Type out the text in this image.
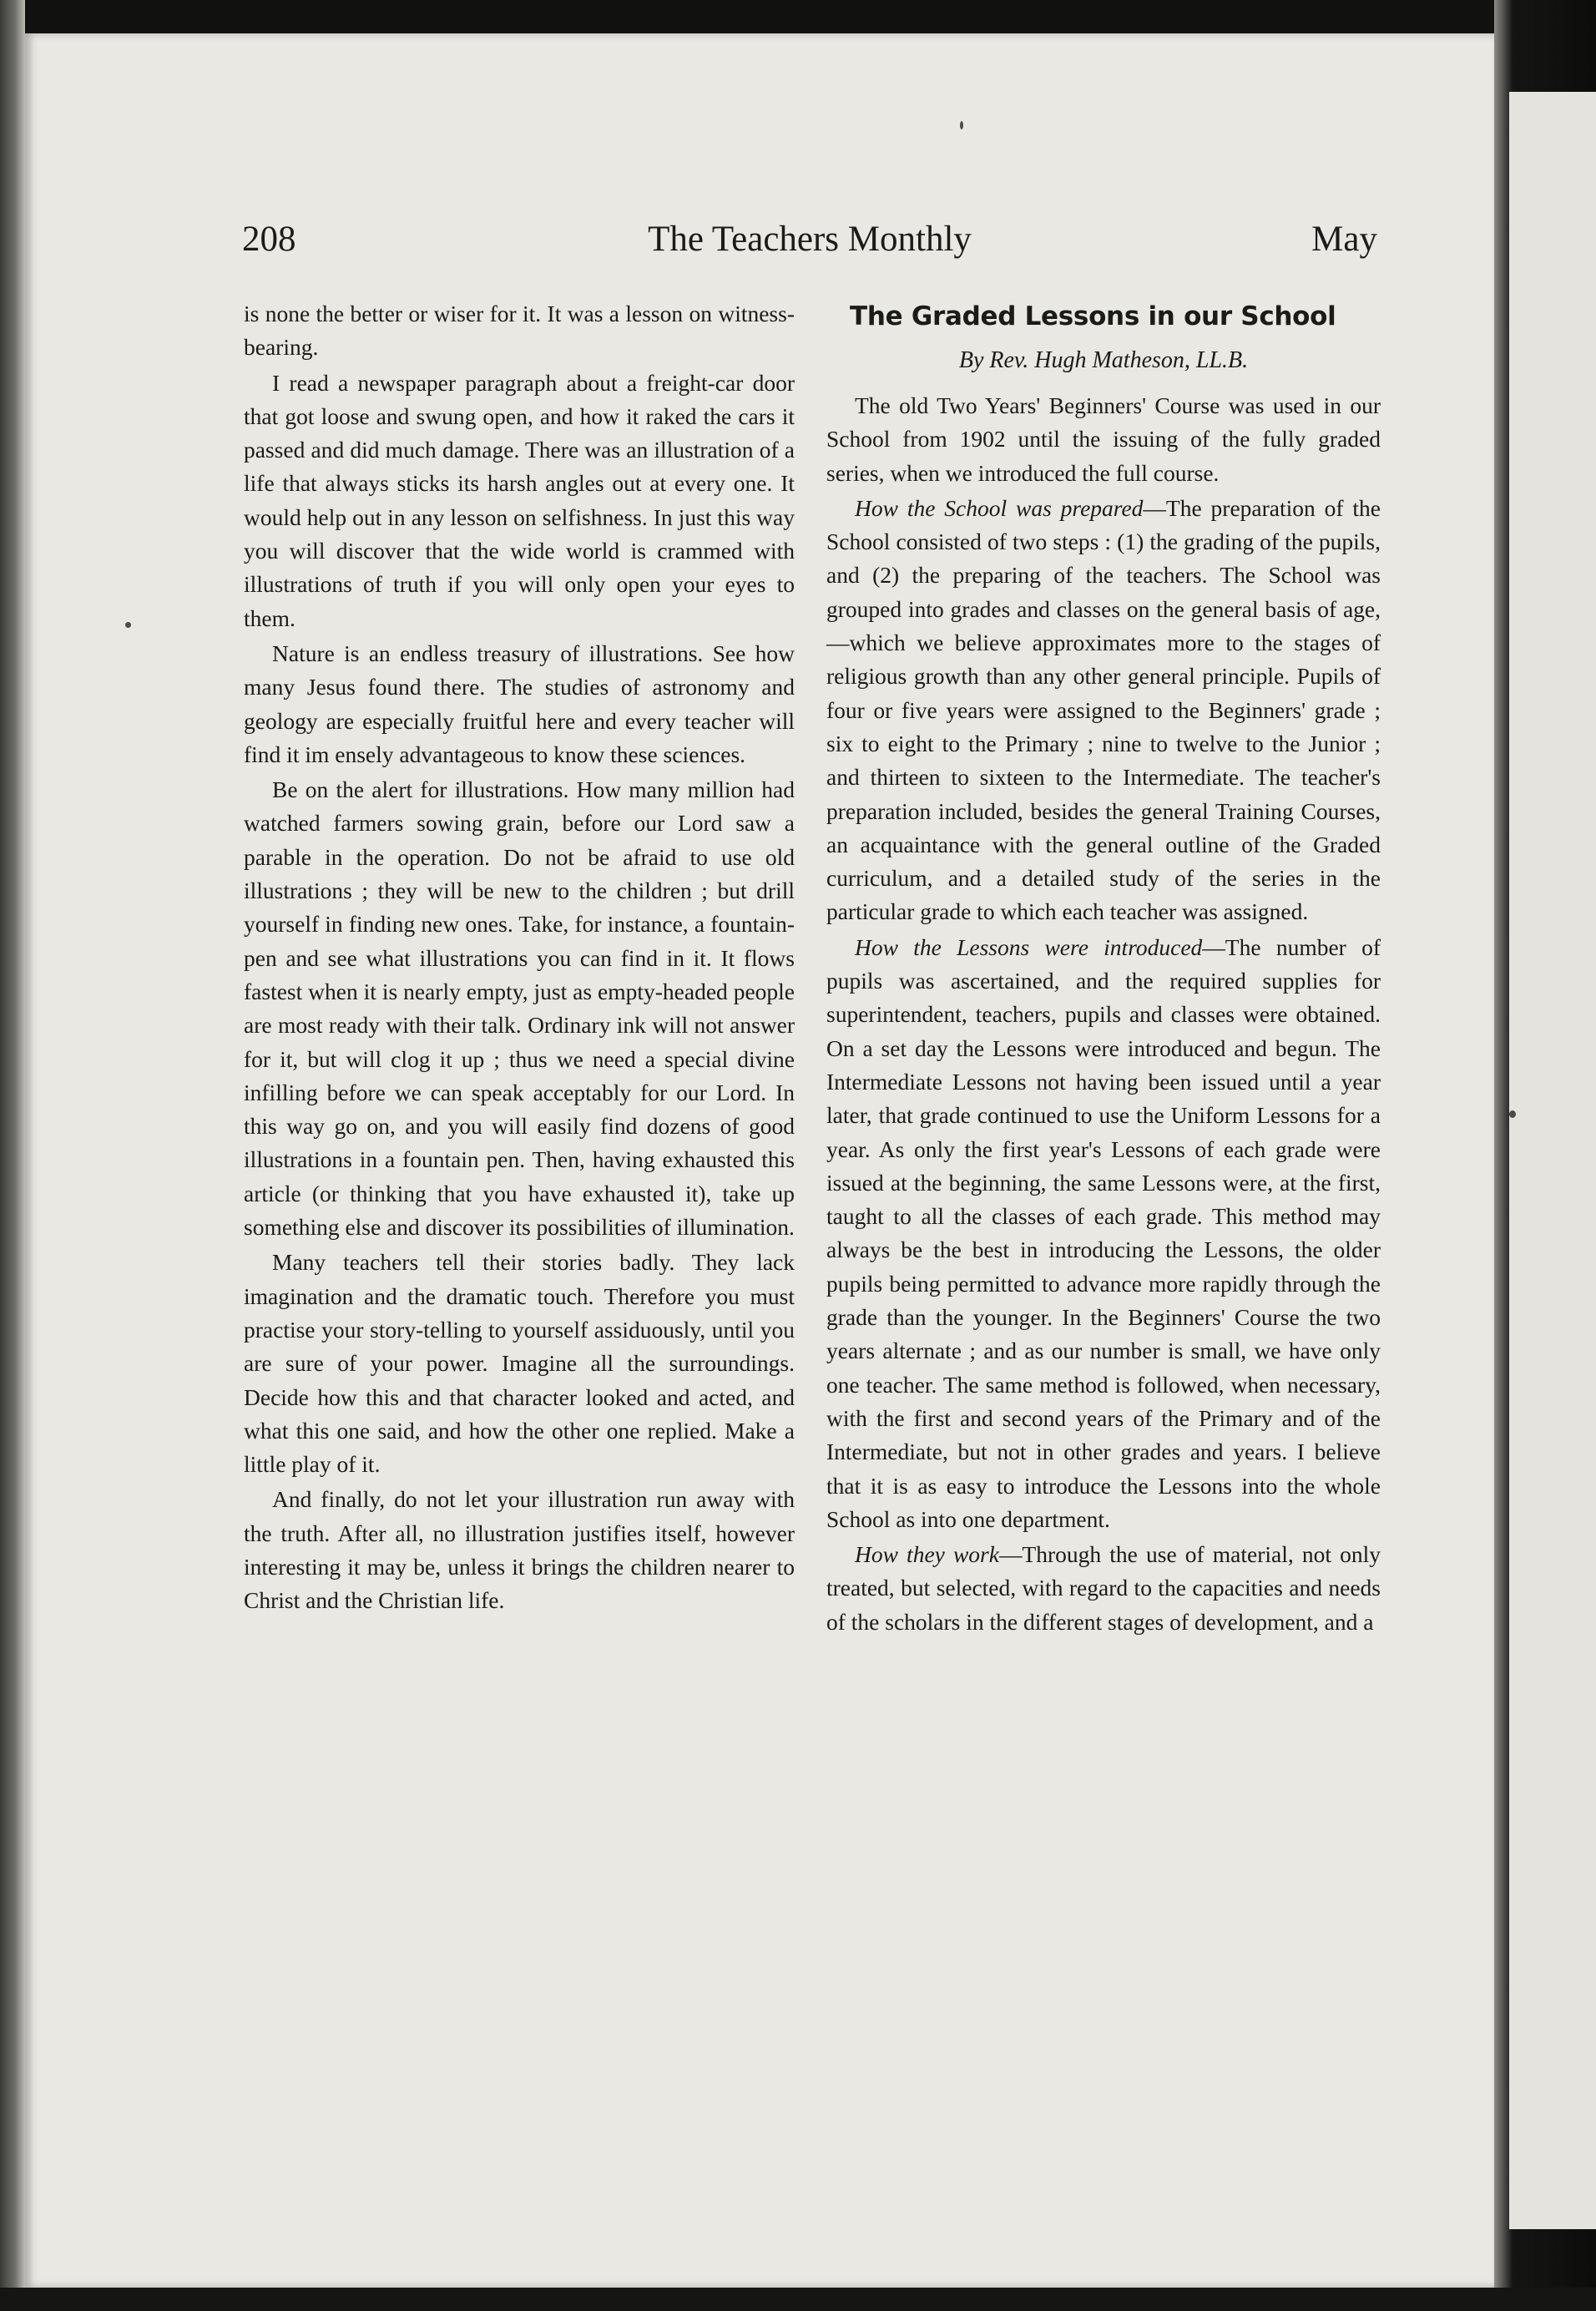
208	The Teachers Monthly	May

is none the better or wiser for it. It was a lesson on witness-bearing.

I read a newspaper paragraph about a freight-car door that got loose and swung open, and how it raked the cars it passed and did much damage. There was an illustration of a life that always sticks its harsh angles out at every one. It would help out in any lesson on selfishness. In just this way you will discover that the wide world is crammed with illustrations of truth if you will only open your eyes to them.

Nature is an endless treasury of illustrations. See how many Jesus found there. The studies of astronomy and geology are especially fruitful here and every teacher will find it im ensely advantageous to know these sciences.

Be on the alert for illustrations. How many million had watched farmers sowing grain, before our Lord saw a parable in the operation. Do not be afraid to use old illustrations ; they will be new to the children ; but drill yourself in finding new ones. Take, for instance, a fountain-pen and see what illustrations you can find in it. It flows fastest when it is nearly empty, just as empty-headed people are most ready with their talk. Ordinary ink will not answer for it, but will clog it up ; thus we need a special divine infilling before we can speak acceptably for our Lord. In this way go on, and you will easily find dozens of good illustrations in a fountain pen. Then, having exhausted this article (or thinking that you have exhausted it), take up something else and discover its possibilities of illumination.

Many teachers tell their stories badly. They lack imagination and the dramatic touch. Therefore you must practise your story-telling to yourself assiduously, until you are sure of your power. Imagine all the surroundings. Decide how this and that character looked and acted, and what this one said, and how the other one replied. Make a little play of it.

And finally, do not let your illustration run away with the truth. After all, no illustration justifies itself, however interesting it may be, unless it brings the children nearer to Christ and the Christian life.

The Graded Lessons in our School
By Rev. Hugh Matheson, LL.B.

The old Two Years' Beginners' Course was used in our School from 1902 until the issuing of the fully graded series, when we introduced the full course.

How the School was prepared—The preparation of the School consisted of two steps : (1) the grading of the pupils, and (2) the preparing of the teachers. The School was grouped into grades and classes on the general basis of age,—which we believe approximates more to the stages of religious growth than any other general principle. Pupils of four or five years were assigned to the Beginners' grade ; six to eight to the Primary ; nine to twelve to the Junior ; and thirteen to sixteen to the Intermediate. The teacher's preparation included, besides the general Training Courses, an acquaintance with the general outline of the Graded curriculum, and a detailed study of the series in the particular grade to which each teacher was assigned.

How the Lessons were introduced—The number of pupils was ascertained, and the required supplies for superintendent, teachers, pupils and classes were obtained. On a set day the Lessons were introduced and begun. The Intermediate Lessons not having been issued until a year later, that grade continued to use the Uniform Lessons for a year. As only the first year's Lessons of each grade were issued at the beginning, the same Lessons were, at the first, taught to all the classes of each grade. This method may always be the best in introducing the Lessons, the older pupils being permitted to advance more rapidly through the grade than the younger. In the Beginners' Course the two years alternate ; and as our number is small, we have only one teacher. The same method is followed, when necessary, with the first and second years of the Primary and of the Intermediate, but not in other grades and years. I believe that it is as easy to introduce the Lessons into the whole School as into one department.

How they work—Through the use of material, not only treated, but selected, with regard to the capacities and needs of the scholars in the different stages of development, and a
